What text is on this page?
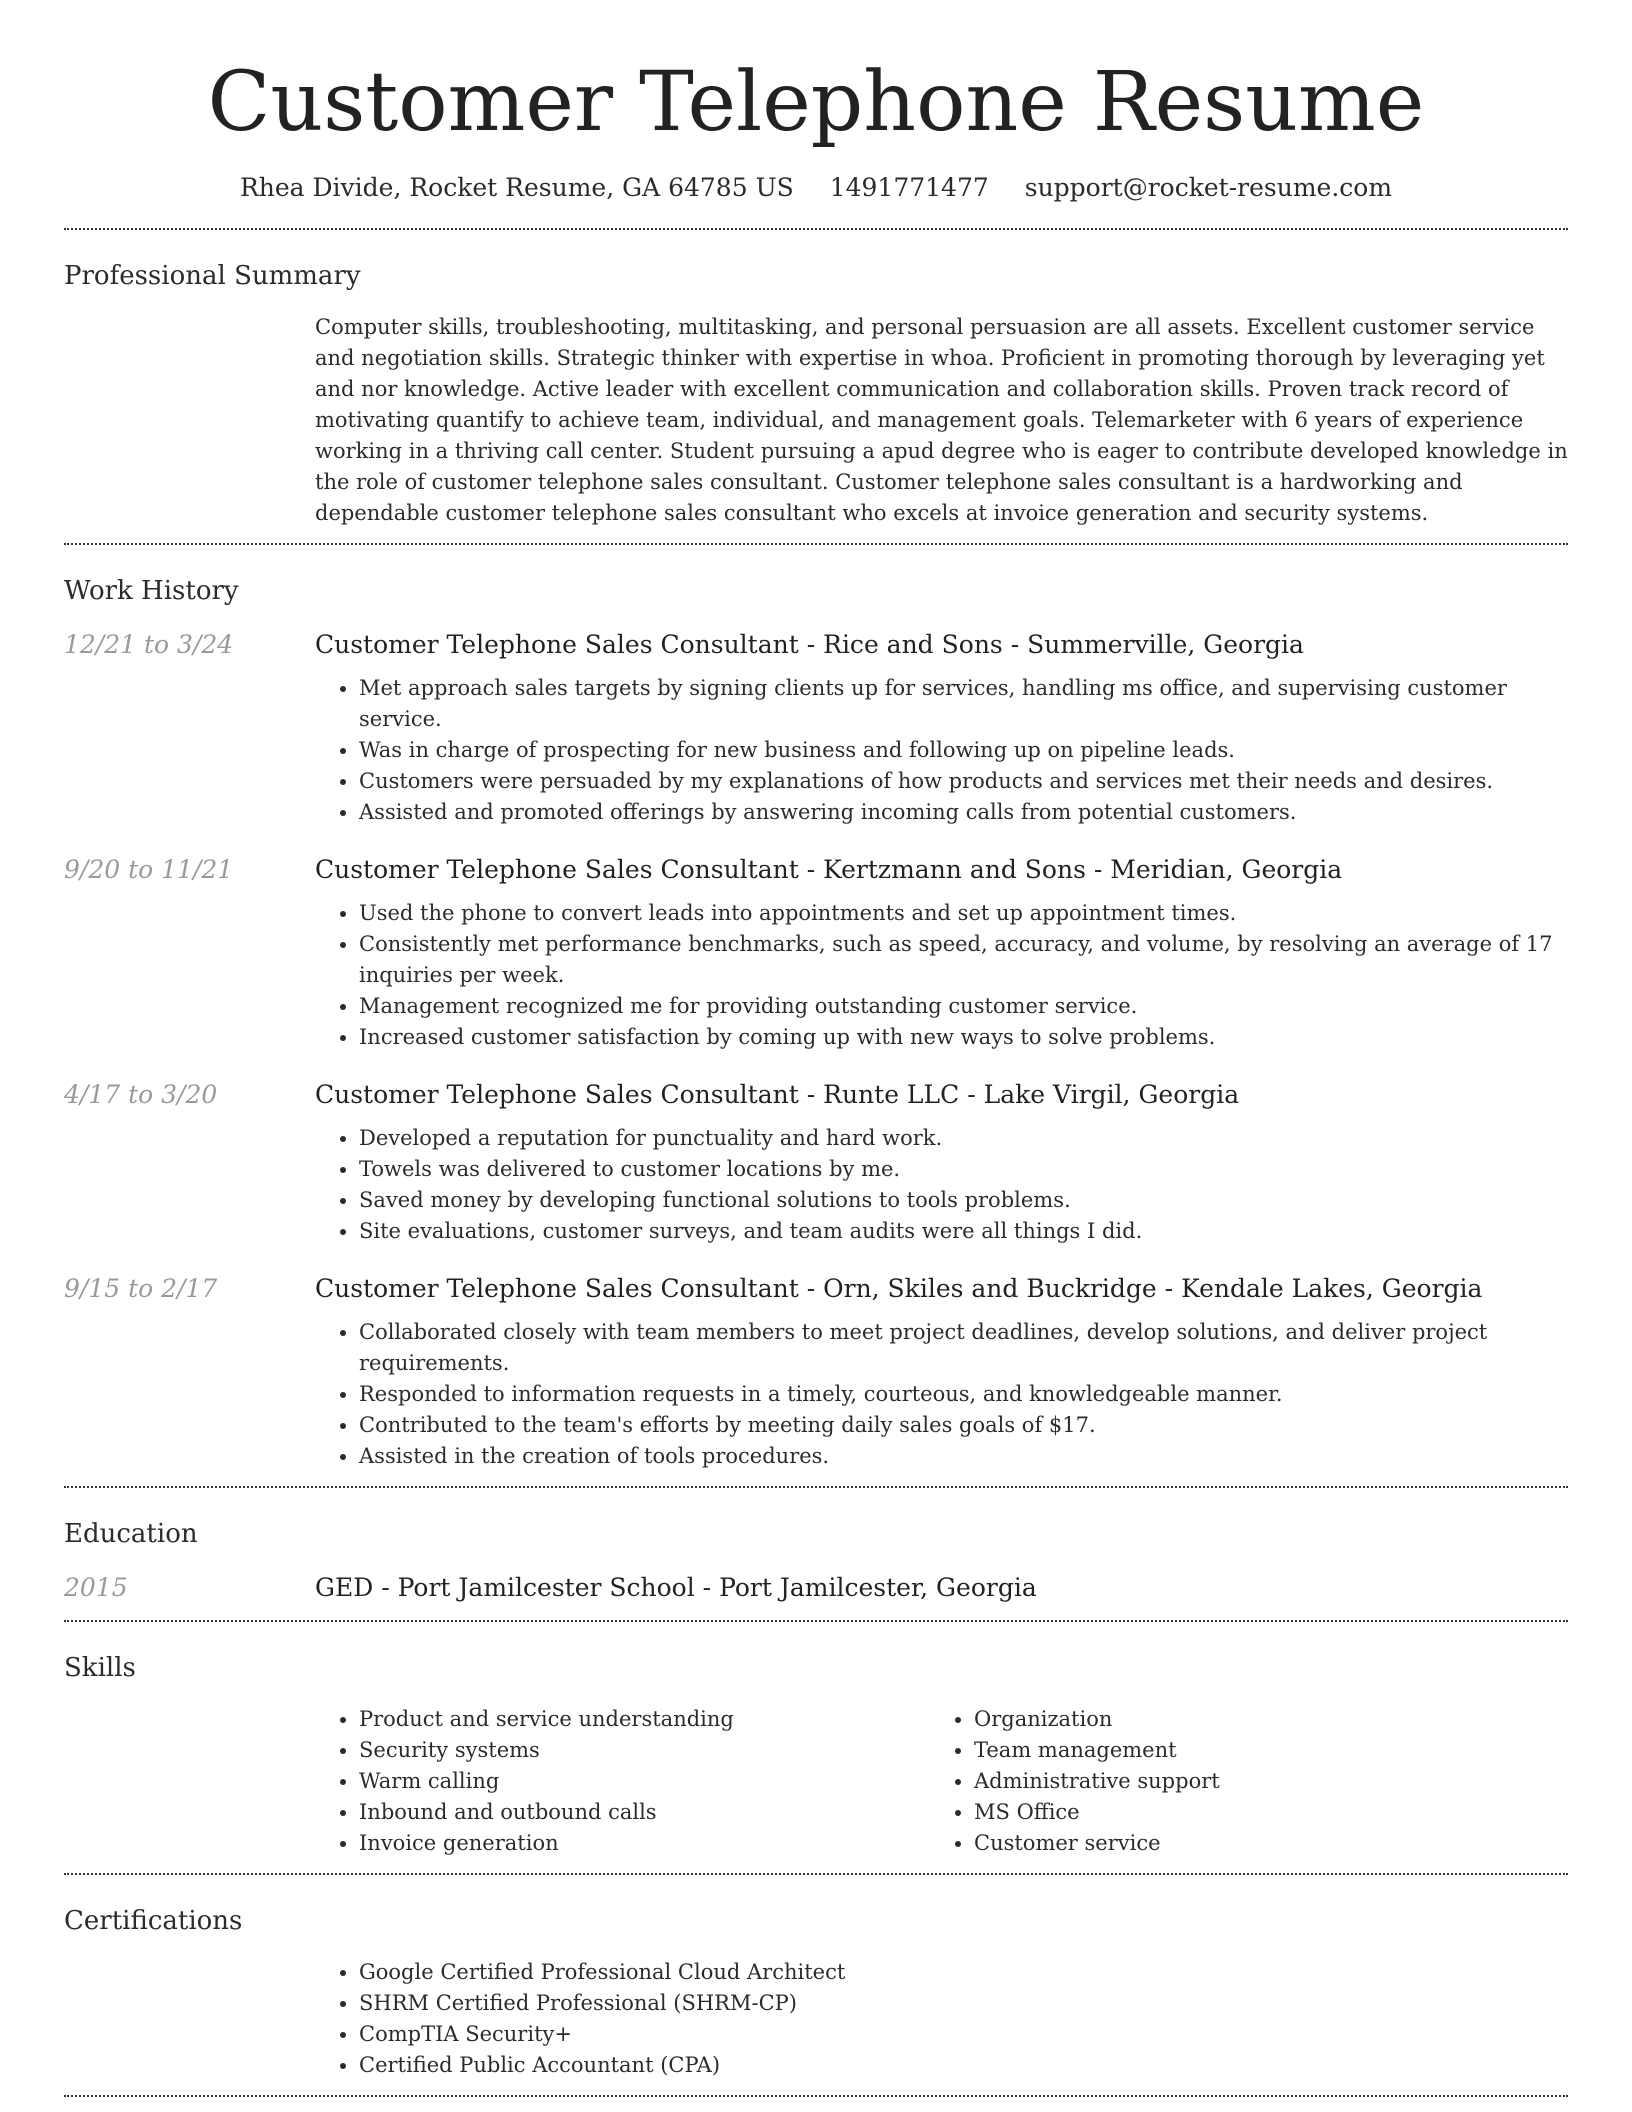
Customer Telephone Resume
Rhea Divide, Rocket Resume, GA 64785 US 1491771477 support@rocket-resume.com
Professional Summary

Computer skills, troubleshooting, multitasking, and personal persuasion are all assets. Excellent customer service and negotiation skills. Strategic thinker with expertise in whoa. Proficient in promoting thorough by leveraging yet and nor knowledge. Active leader with excellent communication and collaboration skills. Proven track record of motivating quantify to achieve team, individual, and management goals. Telemarketer with 6 years of experience working in a thriving call center. Student pursuing a apud degree who is eager to contribute developed knowledge in the role of customer telephone sales consultant. Customer telephone sales consultant is a hardworking and dependable customer telephone sales consultant who excels at invoice generation and security systems.

Work History
12/21 to 3/24	Customer Telephone Sales Consultant - Rice and Sons - Summerville, Georgia
• Met approach sales targets by signing clients up for services, handling ms office, and supervising customer service.
• Was in charge of prospecting for new business and following up on pipeline leads.
• Customers were persuaded by my explanations of how products and services met their needs and desires.
• Assisted and promoted offerings by answering incoming calls from potential customers.
9/20 to 11/21	Customer Telephone Sales Consultant - Kertzmann and Sons - Meridian, Georgia
• Used the phone to convert leads into appointments and set up appointment times.
• Consistently met performance benchmarks, such as speed, accuracy, and volume, by resolving an average of 17 inquiries per week.
• Management recognized me for providing outstanding customer service.
• Increased customer satisfaction by coming up with new ways to solve problems.
4/17 to 3/20	Customer Telephone Sales Consultant - Runte LLC - Lake Virgil, Georgia
• Developed a reputation for punctuality and hard work.
• Towels was delivered to customer locations by me.
• Saved money by developing functional solutions to tools problems.
• Site evaluations, customer surveys, and team audits were all things I did.
9/15 to 2/17	Customer Telephone Sales Consultant - Orn, Skiles and Buckridge - Kendale Lakes, Georgia
• Collaborated closely with team members to meet project deadlines, develop solutions, and deliver project requirements.
• Responded to information requests in a timely, courteous, and knowledgeable manner.
• Contributed to the team's efforts by meeting daily sales goals of $17.
• Assisted in the creation of tools procedures.
Education
2015	GED - Port Jamilcester School - Port Jamilcester, Georgia
Skills
• Product and service understanding
• Security systems
• Warm calling
• Inbound and outbound calls
• Invoice generation
• Organization
• Team management
• Administrative support
• MS Office
• Customer service
Certifications
• Google Certified Professional Cloud Architect
• SHRM Certified Professional (SHRM-CP)
• CompTIA Security+
• Certified Public Accountant (CPA)
